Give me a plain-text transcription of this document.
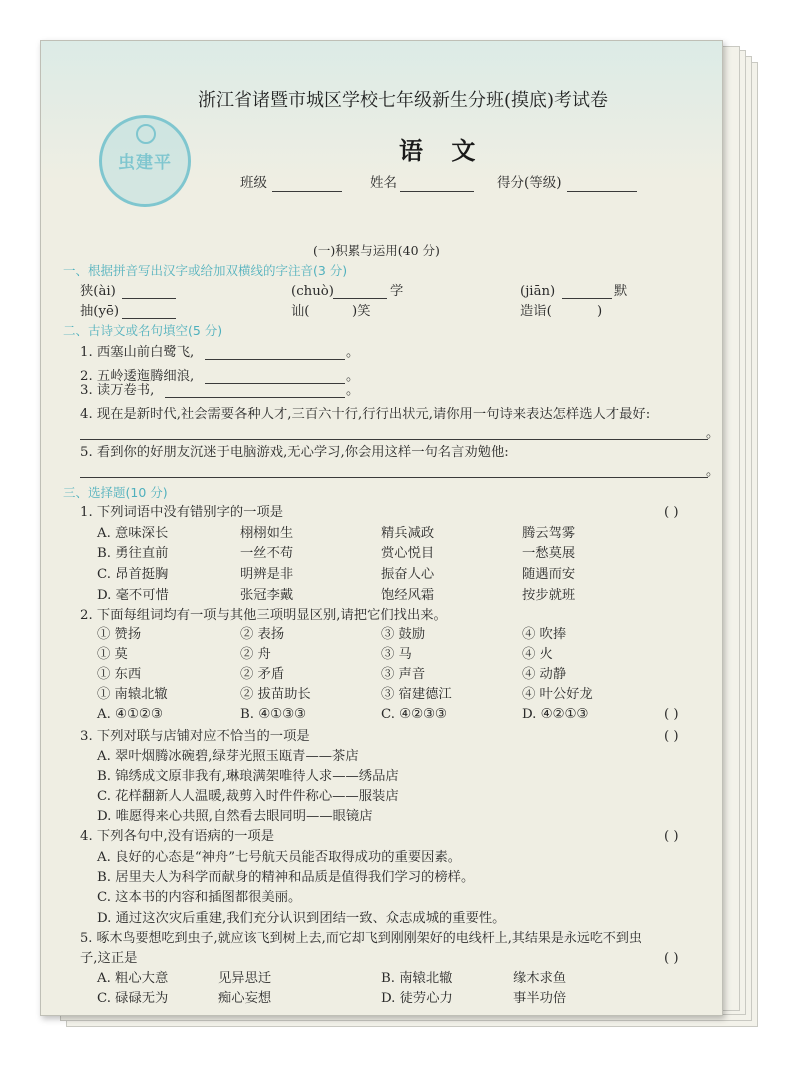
虫建平
浙江省诸暨市城区学校七年级新生分班(摸底)考试卷
语 文
班级	姓名	得分(等级)
(一)积累与运用(40 分)
一、根据拼音写出汉字或给加双横线的字注音(3 分)
狭(ài)	(chuò)	学	(jiān)	默
抽(yē)	讪(	)笑	造诣(	)
二、古诗文或名句填空(5 分)
1. 西塞山前白鹭飞,	。
2. 五岭逶迤腾细浪,	。
3. 读万卷书,	。
4. 现在是新时代,社会需要各种人才,三百六十行,行行出状元,请你用一句诗来表达怎样选人才最好:
。
5. 看到你的好朋友沉迷于电脑游戏,无心学习,你会用这样一句名言劝勉他:
。
三、选择题(10 分)
1. 下列词语中没有错别字的一项是	( )
A. 意味深长	栩栩如生	精兵减政	腾云驾雾
B. 勇往直前	一丝不苟	赏心悦目	一愁莫展
C. 昂首挺胸	明辨是非	振奋人心	随遇而安
D. 毫不可惜	张冠李戴	饱经风霜	按步就班
2. 下面每组词均有一项与其他三项明显区别,请把它们找出来。
① 赞扬	② 表扬	③ 鼓励	④ 吹捧
① 莫	② 舟	③ 马	④ 火
① 东西	② 矛盾	③ 声音	④ 动静
① 南辕北辙	② 拔苗助长	③ 宿建德江	④ 叶公好龙
A. ④①②③	B. ④①③③	C. ④②③③	D. ④②①③	( )
3. 下列对联与店铺对应不恰当的一项是	( )
A. 翠叶烟腾冰碗碧,绿芽光照玉瓯青——茶店
B. 锦绣成文原非我有,琳琅满架唯待人求——绣品店
C. 花样翻新人人温暖,裁剪入时件件称心——服装店
D. 唯愿得来心共照,自然看去眼同明——眼镜店
4. 下列各句中,没有语病的一项是	( )
A. 良好的心态是“神舟”七号航天员能否取得成功的重要因素。
B. 居里夫人为科学而献身的精神和品质是值得我们学习的榜样。
C. 这本书的内容和插图都很美丽。
D. 通过这次灾后重建,我们充分认识到团结一致、众志成城的重要性。
5. 啄木鸟要想吃到虫子,就应该飞到树上去,而它却飞到刚刚架好的电线杆上,其结果是永远吃不到虫
子,这正是	( )
A. 粗心大意	见异思迁	B. 南辕北辙	缘木求鱼
C. 碌碌无为	痴心妄想	D. 徒劳心力	事半功倍
